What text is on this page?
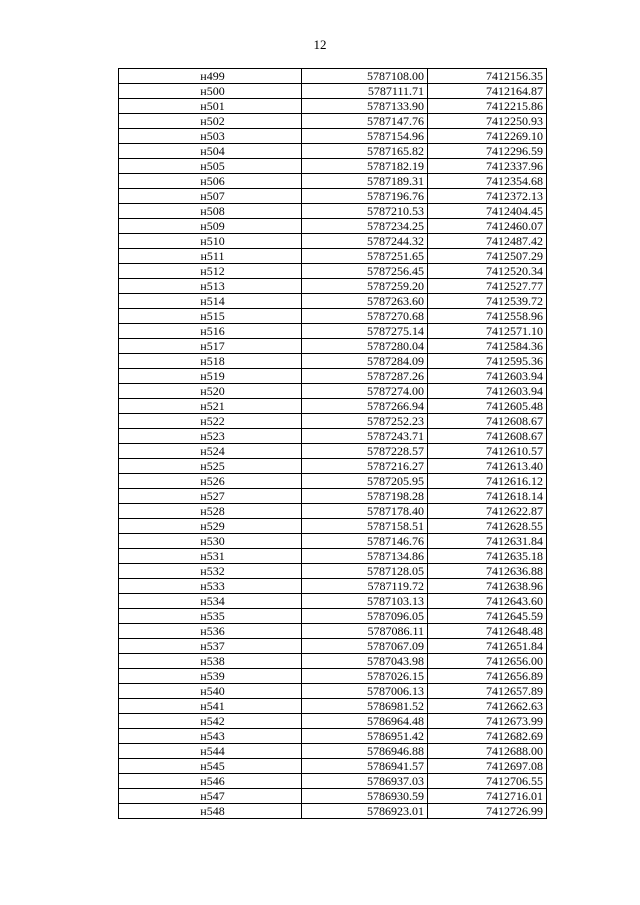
12
н499	5787108.00	7412156.35
н500	5787111.71	7412164.87
н501	5787133.90	7412215.86
н502	5787147.76	7412250.93
н503	5787154.96	7412269.10
н504	5787165.82	7412296.59
н505	5787182.19	7412337.96
н506	5787189.31	7412354.68
н507	5787196.76	7412372.13
н508	5787210.53	7412404.45
н509	5787234.25	7412460.07
н510	5787244.32	7412487.42
н511	5787251.65	7412507.29
н512	5787256.45	7412520.34
н513	5787259.20	7412527.77
н514	5787263.60	7412539.72
н515	5787270.68	7412558.96
н516	5787275.14	7412571.10
н517	5787280.04	7412584.36
н518	5787284.09	7412595.36
н519	5787287.26	7412603.94
н520	5787274.00	7412603.94
н521	5787266.94	7412605.48
н522	5787252.23	7412608.67
н523	5787243.71	7412608.67
н524	5787228.57	7412610.57
н525	5787216.27	7412613.40
н526	5787205.95	7412616.12
н527	5787198.28	7412618.14
н528	5787178.40	7412622.87
н529	5787158.51	7412628.55
н530	5787146.76	7412631.84
н531	5787134.86	7412635.18
н532	5787128.05	7412636.88
н533	5787119.72	7412638.96
н534	5787103.13	7412643.60
н535	5787096.05	7412645.59
н536	5787086.11	7412648.48
н537	5787067.09	7412651.84
н538	5787043.98	7412656.00
н539	5787026.15	7412656.89
н540	5787006.13	7412657.89
н541	5786981.52	7412662.63
н542	5786964.48	7412673.99
н543	5786951.42	7412682.69
н544	5786946.88	7412688.00
н545	5786941.57	7412697.08
н546	5786937.03	7412706.55
н547	5786930.59	7412716.01
н548	5786923.01	7412726.99
